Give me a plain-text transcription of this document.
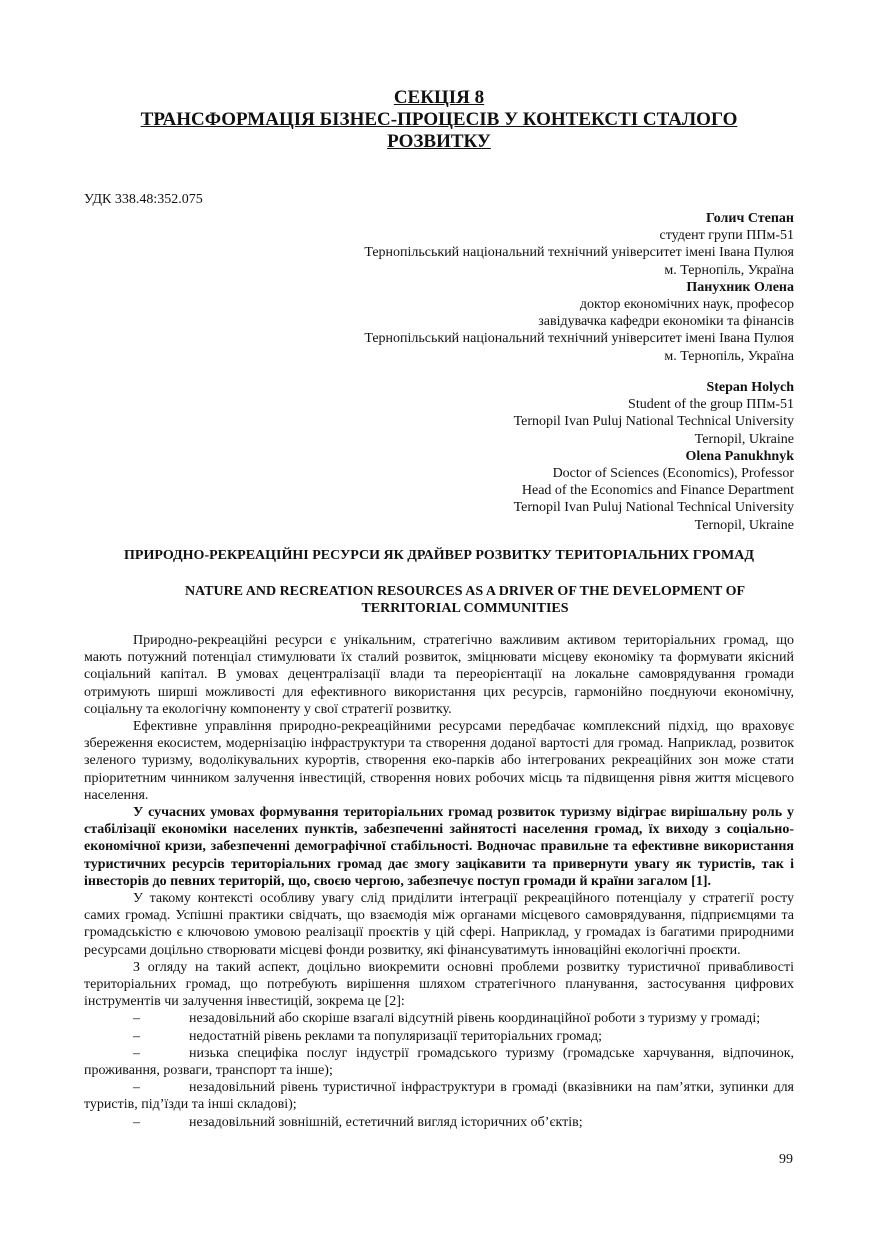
СЕКЦІЯ 8
ТРАНСФОРМАЦІЯ БІЗНЕС-ПРОЦЕСІВ У КОНТЕКСТІ СТАЛОГО
РОЗВИТКУ
УДК 338.48:352.075
Голич Степан
студент групи ППм-51
Тернопільський національний технічний університет імені Івана Пулюя
м. Тернопіль, Україна
Панухник Олена
доктор економічних наук, професор
завідувачка кафедри економіки та фінансів
Тернопільський національний технічний університет імені Івана Пулюя
м. Тернопіль, Україна
Stepan Holych
Student of the group ППм-51
Ternopil Ivan Puluj National Technical University
Ternopil, Ukraine
Olena Panukhnyk
Doctor of Sciences (Economics), Professor
Head of the Economics and Finance Department
Ternopil Ivan Puluj National Technical University
Ternopil, Ukraine
ПРИРОДНО-РЕКРЕАЦІЙНІ РЕСУРСИ ЯК ДРАЙВЕР РОЗВИТКУ ТЕРИТОРІАЛЬНИХ ГРОМАД
NATURE AND RECREATION RESOURCES AS A DRIVER OF THE DEVELOPMENT OF TERRITORIAL COMMUNITIES

Природно-рекреаційні ресурси є унікальним, стратегічно важливим активом територіальних громад, що мають потужний потенціал стимулювати їх сталий розвиток, зміцнювати місцеву економіку та формувати якісний соціальний капітал. В умовах децентралізації влади та переорієнтації на локальне самоврядування громади отримують ширші можливості для ефективного використання цих ресурсів, гармонійно поєднуючи економічну, соціальну та екологічну компоненту у свої стратегії розвитку.

Ефективне управління природно-рекреаційними ресурсами передбачає комплексний підхід, що враховує збереження екосистем, модернізацію інфраструктури та створення доданої вартості для громад. Наприклад, розвиток зеленого туризму, водолікувальних курортів, створення еко-парків або інтегрованих рекреаційних зон може стати пріоритетним чинником залучення інвестицій, створення нових робочих місць та підвищення рівня життя місцевого населення.

У сучасних умовах формування територіальних громад розвиток туризму відіграє вирішальну роль у стабілізації економіки населених пунктів, забезпеченні зайнятості населення громад, їх виходу з соціально-економічної кризи, забезпеченні демографічної стабільності. Водночас правильне та ефективне використання туристичних ресурсів територіальних громад дає змогу зацікавити та привернути увагу як туристів, так і інвесторів до певних територій, що, своєю чергою, забезпечує поступ громади й країни загалом [1].

У такому контексті особливу увагу слід приділити інтеграції рекреаційного потенціалу у стратегії росту самих громад. Успішні практики свідчать, що взаємодія між органами місцевого самоврядування, підприємцями та громадськістю є ключовою умовою реалізації проєктів у цій сфері. Наприклад, у громадах із багатими природними ресурсами доцільно створювати місцеві фонди розвитку, які фінансуватимуть інноваційні екологічні проєкти.

З огляду на такий аспект, доцільно виокремити основні проблеми розвитку туристичної привабливості територіальних громад, що потребують вирішення шляхом стратегічного планування, застосування цифрових інструментів чи залучення інвестицій, зокрема це [2]:

–	незадовільний або скоріше взагалі відсутній рівень координаційної роботи з туризму у громаді;
–	недостатній рівень реклами та популяризації територіальних громад;
–	низька специфіка послуг індустрії громадського туризму (громадське харчування, відпочинок, проживання, розваги, транспорт та інше);
–	незадовільний рівень туристичної інфраструктури в громаді (вказівники на пам’ятки, зупинки для туристів, під’їзди та інші складові);
–	незадовільний зовнішній, естетичний вигляд історичних об’єктів;
99
